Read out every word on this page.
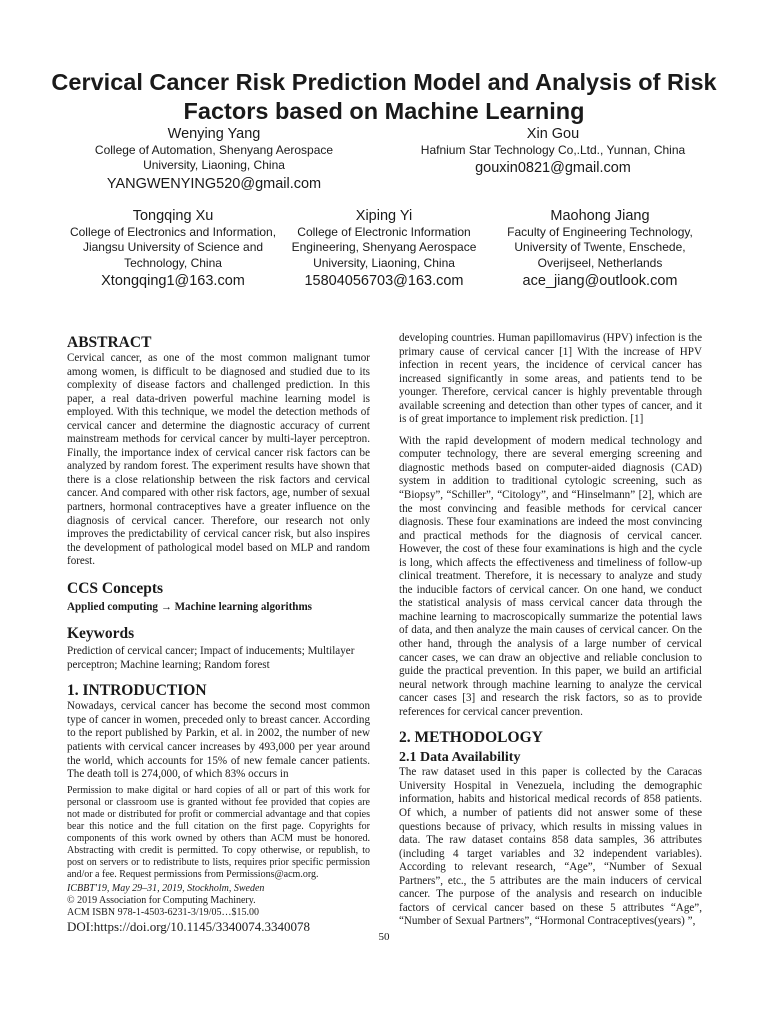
Cervical Cancer Risk Prediction Model and Analysis of Risk Factors based on Machine Learning
Wenying Yang
College of Automation, Shenyang Aerospace University, Liaoning, China
YANGWENYING520@gmail.com
Xin Gou
Hafnium Star Technology Co,.Ltd., Yunnan, China
gouxin0821@gmail.com
Tongqing Xu
College of Electronics and Information, Jiangsu University of Science and Technology, China
Xtongqing1@163.com
Xiping Yi
College of Electronic Information Engineering, Shenyang Aerospace University, Liaoning, China
15804056703@163.com
Maohong Jiang
Faculty of Engineering Technology, University of Twente, Enschede, Overijseel, Netherlands
ace_jiang@outlook.com
ABSTRACT

Cervical cancer, as one of the most common malignant tumor among women, is difficult to be diagnosed and studied due to its complexity of disease factors and challenged prediction. In this paper, a real data-driven powerful machine learning model is employed. With this technique, we model the detection methods of cervical cancer and determine the diagnostic accuracy of current mainstream methods for cervical cancer by multi-layer perceptron. Finally, the importance index of cervical cancer risk factors can be analyzed by random forest. The experiment results have shown that there is a close relationship between the risk factors and cervical cancer. And compared with other risk factors, age, number of sexual partners, hormonal contraceptives have a greater influence on the diagnosis of cervical cancer. Therefore, our research not only improves the predictability of cervical cancer risk, but also inspires the development of pathological model based on MLP and random forest.

CCS Concepts

Applied computing → Machine learning algorithms

Keywords

Prediction of cervical cancer; Impact of inducements; Multilayer perceptron; Machine learning; Random forest

1. INTRODUCTION

Nowadays, cervical cancer has become the second most common type of cancer in women, preceded only to breast cancer. According to the report published by Parkin, et al. in 2002, the number of new patients with cervical cancer increases by 493,000 per year around the world, which accounts for 15% of new female cancer patients. The death toll is 274,000, of which 83% occurs in

Permission to make digital or hard copies of all or part of this work for personal or classroom use is granted without fee provided that copies are not made or distributed for profit or commercial advantage and that copies bear this notice and the full citation on the first page. Copyrights for components of this work owned by others than ACM must be honored. Abstracting with credit is permitted. To copy otherwise, or republish, to post on servers or to redistribute to lists, requires prior specific permission and/or a fee. Request permissions from Permissions@acm.org.

ICBBT'19, May 29–31, 2019, Stockholm, Sweden
© 2019 Association for Computing Machinery.
ACM ISBN 978-1-4503-6231-3/19/05…$15.00
DOI:https://doi.org/10.1145/3340074.3340078

developing countries. Human papillomavirus (HPV) infection is the primary cause of cervical cancer [1] With the increase of HPV infection in recent years, the incidence of cervical cancer has increased significantly in some areas, and patients tend to be younger. Therefore, cervical cancer is highly preventable through available screening and detection than other types of cancer, and it is of great importance to implement risk prediction. [1]

With the rapid development of modern medical technology and computer technology, there are several emerging screening and diagnostic methods based on computer-aided diagnosis (CAD) system in addition to traditional cytologic screening, such as “Biopsy”, “Schiller”, “Citology”, and “Hinselmann” [2], which are the most convincing and feasible methods for cervical cancer diagnosis. These four examinations are indeed the most convincing and practical methods for the diagnosis of cervical cancer. However, the cost of these four examinations is high and the cycle is long, which affects the effectiveness and timeliness of follow-up clinical treatment. Therefore, it is necessary to analyze and study the inducible factors of cervical cancer. On one hand, we conduct the statistical analysis of mass cervical cancer data through the machine learning to macroscopically summarize the potential laws of data, and then analyze the main causes of cervical cancer. On the other hand, through the analysis of a large number of cervical cancer cases, we can draw an objective and reliable conclusion to guide the practical prevention. In this paper, we build an artificial neural network through machine learning to analyze the cervical cancer cases [3] and research the risk factors, so as to provide references for cervical cancer prevention.

2. METHODOLOGY
2.1 Data Availability

The raw dataset used in this paper is collected by the Caracas University Hospital in Venezuela, including the demographic information, habits and historical medical records of 858 patients. Of which, a number of patients did not answer some of these questions because of privacy, which results in missing values in data. The raw dataset contains 858 data samples, 36 attributes (including 4 target variables and 32 independent variables). According to relevant research, “Age”, “Number of Sexual Partners”, etc., the 5 attributes are the main inducers of cervical cancer. The purpose of the analysis and research on inducible factors of cervical cancer based on these 5 attributes “Age”, “Number of Sexual Partners”, “Hormonal Contraceptives(years) ”,

50
